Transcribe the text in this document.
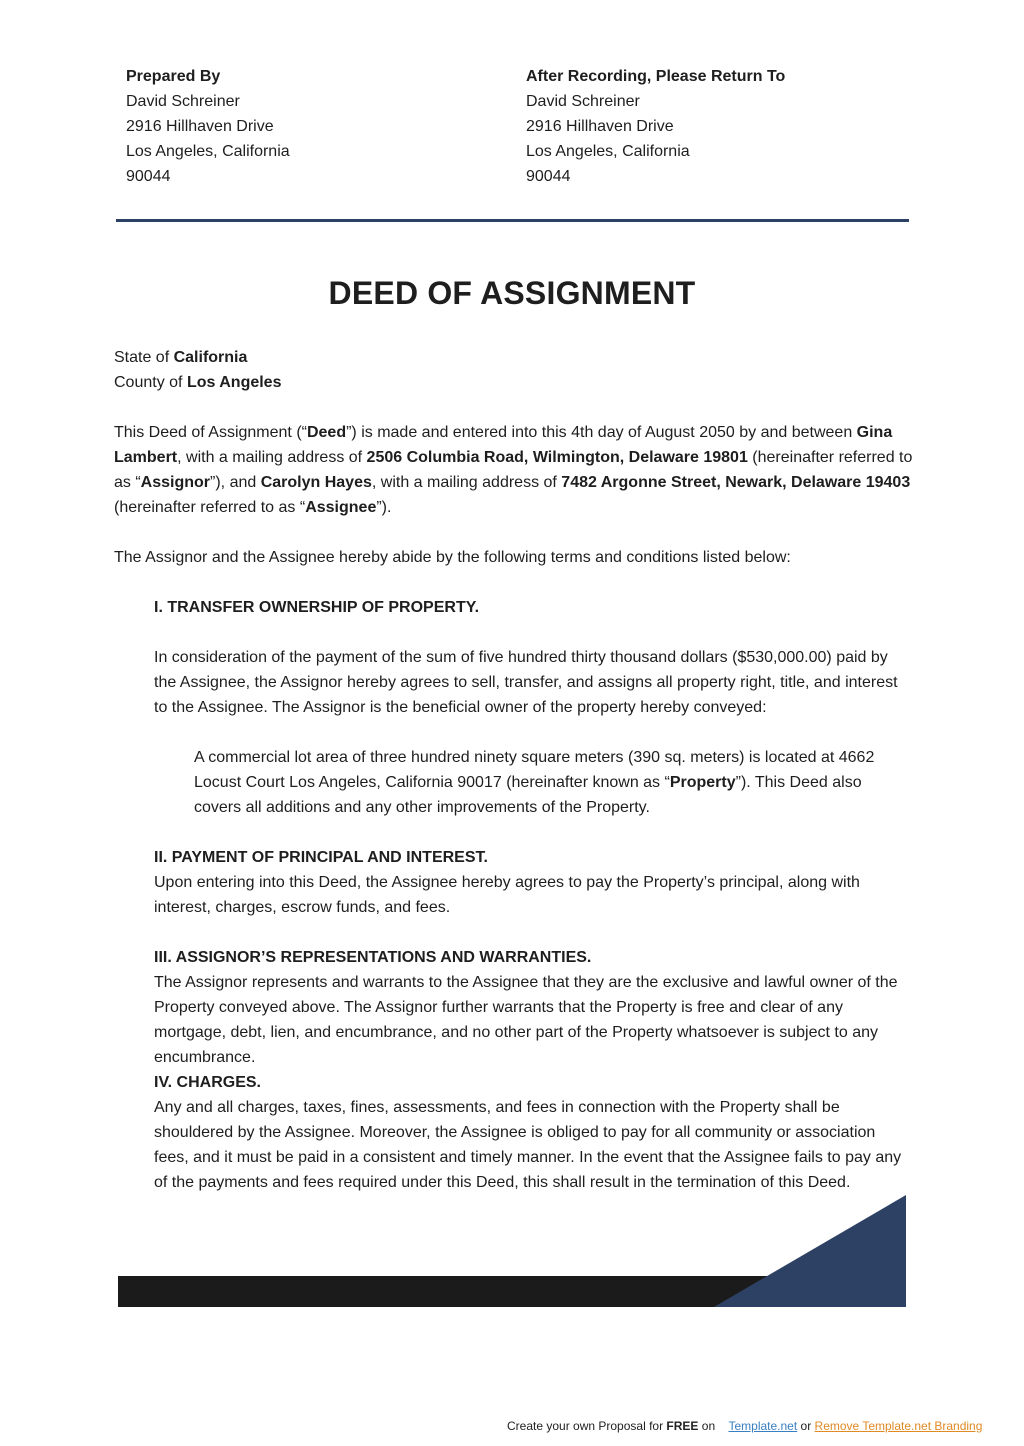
Prepared By
David Schreiner
2916 Hillhaven Drive
Los Angeles, California
90044
After Recording, Please Return To
David Schreiner
2916 Hillhaven Drive
Los Angeles, California
90044
DEED OF ASSIGNMENT
State of California
County of Los Angeles
This Deed of Assignment (“Deed”) is made and entered into this 4th day of August 2050 by and between Gina Lambert, with a mailing address of 2506 Columbia Road, Wilmington, Delaware 19801 (hereinafter referred to as “Assignor”), and Carolyn Hayes, with a mailing address of 7482 Argonne Street, Newark, Delaware 19403 (hereinafter referred to as “Assignee”).
The Assignor and the Assignee hereby abide by the following terms and conditions listed below:
I. TRANSFER OWNERSHIP OF PROPERTY.
In consideration of the payment of the sum of five hundred thirty thousand dollars ($530,000.00) paid by the Assignee, the Assignor hereby agrees to sell, transfer, and assigns all property right, title, and interest to the Assignee. The Assignor is the beneficial owner of the property hereby conveyed:
A commercial lot area of three hundred ninety square meters (390 sq. meters) is located at 4662 Locust Court Los Angeles, California 90017 (hereinafter known as “Property”). This Deed also covers all additions and any other improvements of the Property.
II. PAYMENT OF PRINCIPAL AND INTEREST.
Upon entering into this Deed, the Assignee hereby agrees to pay the Property’s principal, along with interest, charges, escrow funds, and fees.
III. ASSIGNOR’S REPRESENTATIONS AND WARRANTIES.
The Assignor represents and warrants to the Assignee that they are the exclusive and lawful owner of the Property conveyed above. The Assignor further warrants that the Property is free and clear of any mortgage, debt, lien, and encumbrance, and no other part of the Property whatsoever is subject to any encumbrance.
IV. CHARGES.
Any and all charges, taxes, fines, assessments, and fees in connection with the Property shall be shouldered by the Assignee. Moreover, the Assignee is obliged to pay for all community or association fees, and it must be paid in a consistent and timely manner. In the event that the Assignee fails to pay any of the payments and fees required under this Deed, this shall result in the termination of this Deed.
Create your own Proposal for FREE on    Template.net or Remove Template.net Branding
